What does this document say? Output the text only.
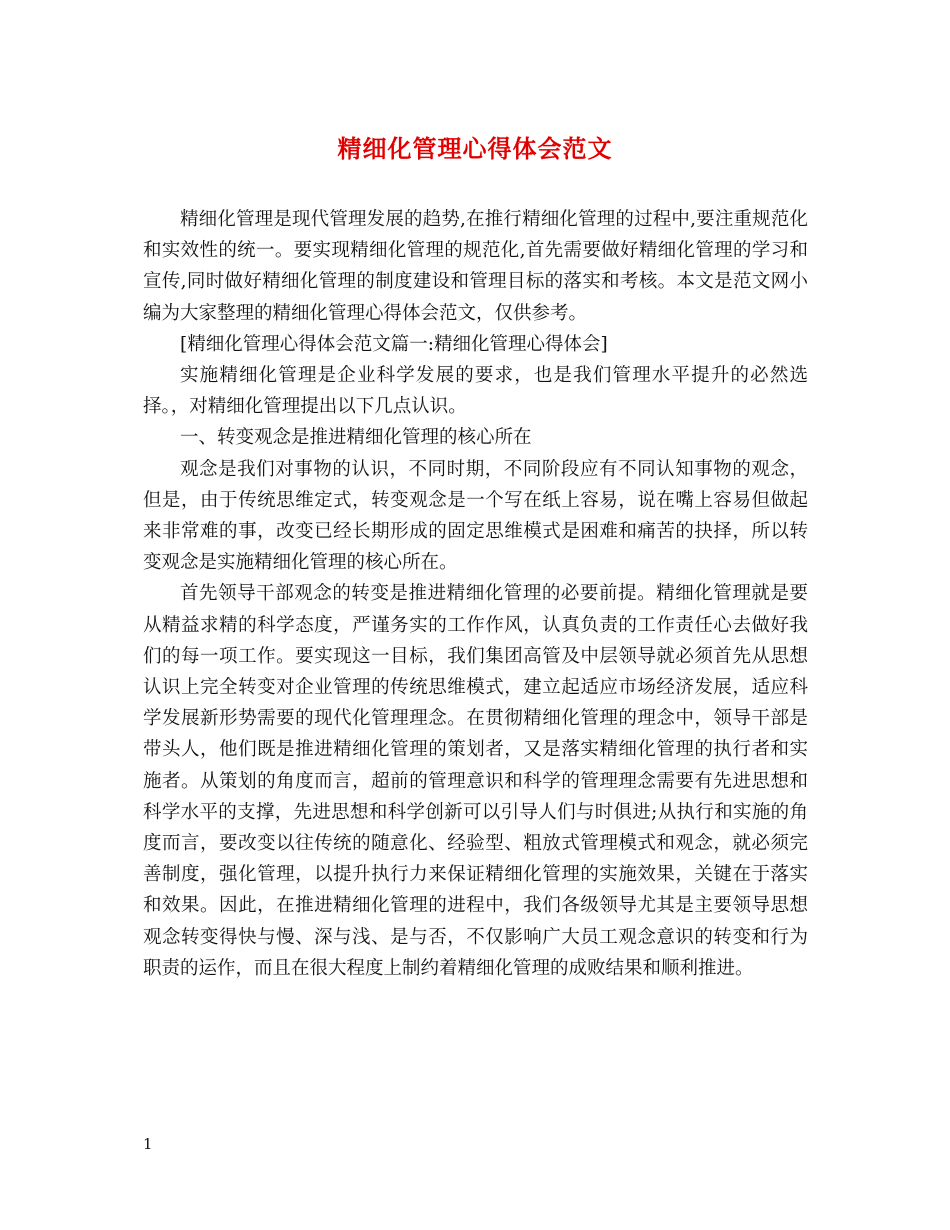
精细化管理心得体会范文

精细化管理是现代管理发展的趋势,在推行精细化管理的过程中,要注重规范化和实效性的统一。要实现精细化管理的规范化,首先需要做好精细化管理的学习和宣传,同时做好精细化管理的制度建设和管理目标的落实和考核。本文是范文网小编为大家整理的精细化管理心得体会范文，仅供参考。

[精细化管理心得体会范文篇一:精细化管理心得体会]

实施精细化管理是企业科学发展的要求，也是我们管理水平提升的必然选择。，对精细化管理提出以下几点认识。

一、转变观念是推进精细化管理的核心所在

观念是我们对事物的认识，不同时期，不同阶段应有不同认知事物的观念，但是，由于传统思维定式，转变观念是一个写在纸上容易，说在嘴上容易但做起来非常难的事，改变已经长期形成的固定思维模式是困难和痛苦的抉择，所以转变观念是实施精细化管理的核心所在。

首先领导干部观念的转变是推进精细化管理的必要前提。精细化管理就是要从精益求精的科学态度，严谨务实的工作作风，认真负责的工作责任心去做好我们的每一项工作。要实现这一目标，我们集团高管及中层领导就必须首先从思想认识上完全转变对企业管理的传统思维模式，建立起适应市场经济发展，适应科学发展新形势需要的现代化管理理念。在贯彻精细化管理的理念中，领导干部是带头人，他们既是推进精细化管理的策划者，又是落实精细化管理的执行者和实施者。从策划的角度而言，超前的管理意识和科学的管理理念需要有先进思想和科学水平的支撑，先进思想和科学创新可以引导人们与时俱进;从执行和实施的角度而言，要改变以往传统的随意化、经验型、粗放式管理模式和观念，就必须完善制度，强化管理，以提升执行力来保证精细化管理的实施效果，关键在于落实和效果。因此，在推进精细化管理的进程中，我们各级领导尤其是主要领导思想观念转变得快与慢、深与浅、是与否，不仅影响广大员工观念意识的转变和行为职责的运作，而且在很大程度上制约着精细化管理的成败结果和顺利推进。

1
